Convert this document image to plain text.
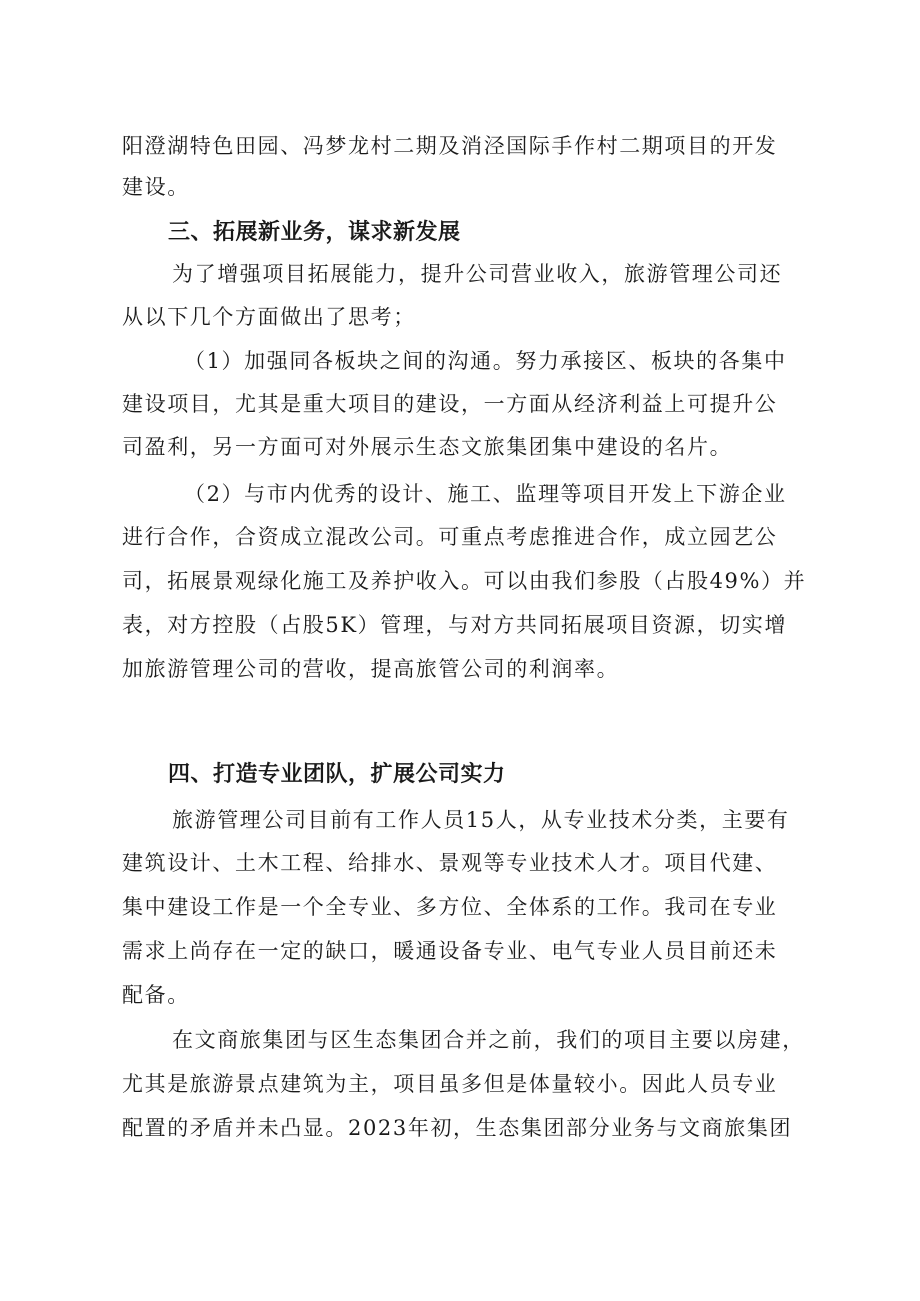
阳澄湖特色田园、冯梦龙村二期及消泾国际手作村二期项目的开发
建设。
三、拓展新业务，谋求新发展
为了增强项目拓展能力，提升公司营业收入，旅游管理公司还
从以下几个方面做出了思考；
（1）加强同各板块之间的沟通。努力承接区、板块的各集中
建设项目，尤其是重大项目的建设，一方面从经济利益上可提升公
司盈利，另一方面可对外展示生态文旅集团集中建设的名片。
（2）与市内优秀的设计、施工、监理等项目开发上下游企业
进行合作，合资成立混改公司。可重点考虑推进合作，成立园艺公
司，拓展景观绿化施工及养护收入。可以由我们参股（占股49%）并
表，对方控股（占股5K）管理，与对方共同拓展项目资源，切实增
加旅游管理公司的营收，提高旅管公司的利润率。
四、打造专业团队，扩展公司实力
旅游管理公司目前有工作人员15人，从专业技术分类，主要有
建筑设计、土木工程、给排水、景观等专业技术人才。项目代建、
集中建设工作是一个全专业、多方位、全体系的工作。我司在专业
需求上尚存在一定的缺口，暖通设备专业、电气专业人员目前还未
配备。
在文商旅集团与区生态集团合并之前，我们的项目主要以房建，
尤其是旅游景点建筑为主，项目虽多但是体量较小。因此人员专业
配置的矛盾并未凸显。2023年初，生态集团部分业务与文商旅集团
